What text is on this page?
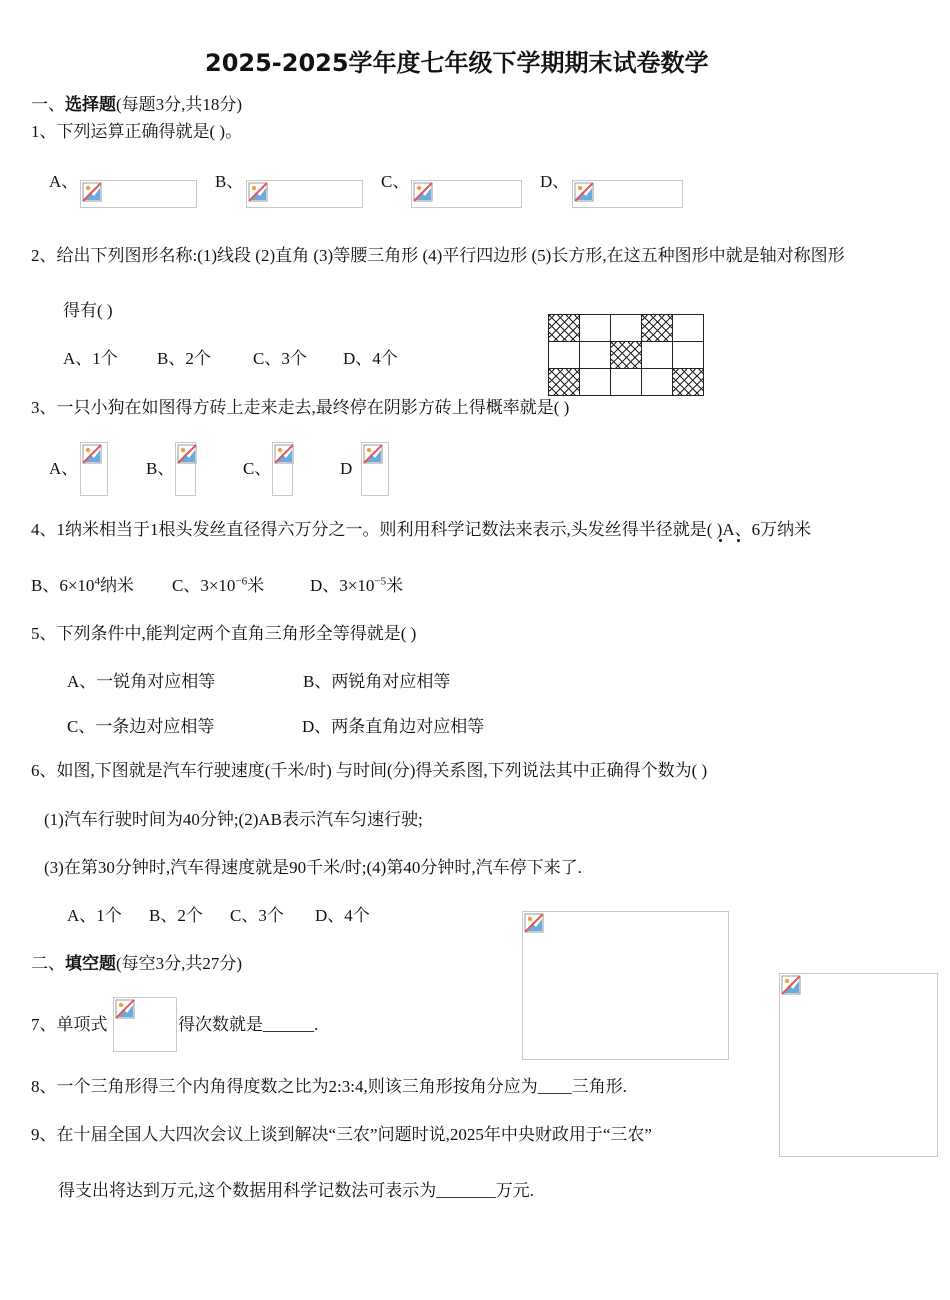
2025-2025学年度七年级下学期期末试卷数学
一、选择题(每题3分,共18分)
1、下列运算正确得就是( )。
A、	B、	C、	D、
2、给出下列图形名称:(1)线段 (2)直角 (3)等腰三角形 (4)平行四边形 (5)长方形,在这五种图形中就是轴对称图形
得有( )
A、1个 B、2个 C、3个 D、4个
3、一只小狗在如图得方砖上走来走去,最终停在阴影方砖上得概率就是( )

A、	B、	C、	D
4、1纳米相当于1根头发丝直径得六万分之一。则利用科学记数法来表示,头发丝得半径就是( )A、6万纳米
B、$6\times 10^4$纳米 C、$3\times 10^{-6}$米	D、$3\times 10^{-5}$米
5、下列条件中,能判定两个直角三角形全等得就是( )
A、一锐角对应相等	B、两锐角对应相等
C、一条边对应相等	D、两条直角边对应相等
6、如图,下图就是汽车行驶速度(千米/时) 与时间(分)得关系图,下列说法其中正确得个数为( )
(1)汽车行驶时间为40分钟;(2)AB表示汽车匀速行驶;
(3)在第30分钟时,汽车得速度就是90千米/时;(4)第40分钟时,汽车停下来了.
A、1个 B、2个 C、3个 D、4个
二、填空题(每空3分,共27分)
7、单项式	得次数就是______.
8、一个三角形得三个内角得度数之比为2:3:4,则该三角形按角分应为____三角形.
9、在十届全国人大四次会议上谈到解决“三农”问题时说,2025年中央财政用于“三农”
得支出将达到万元,这个数据用科学记数法可表示为_______万元.
